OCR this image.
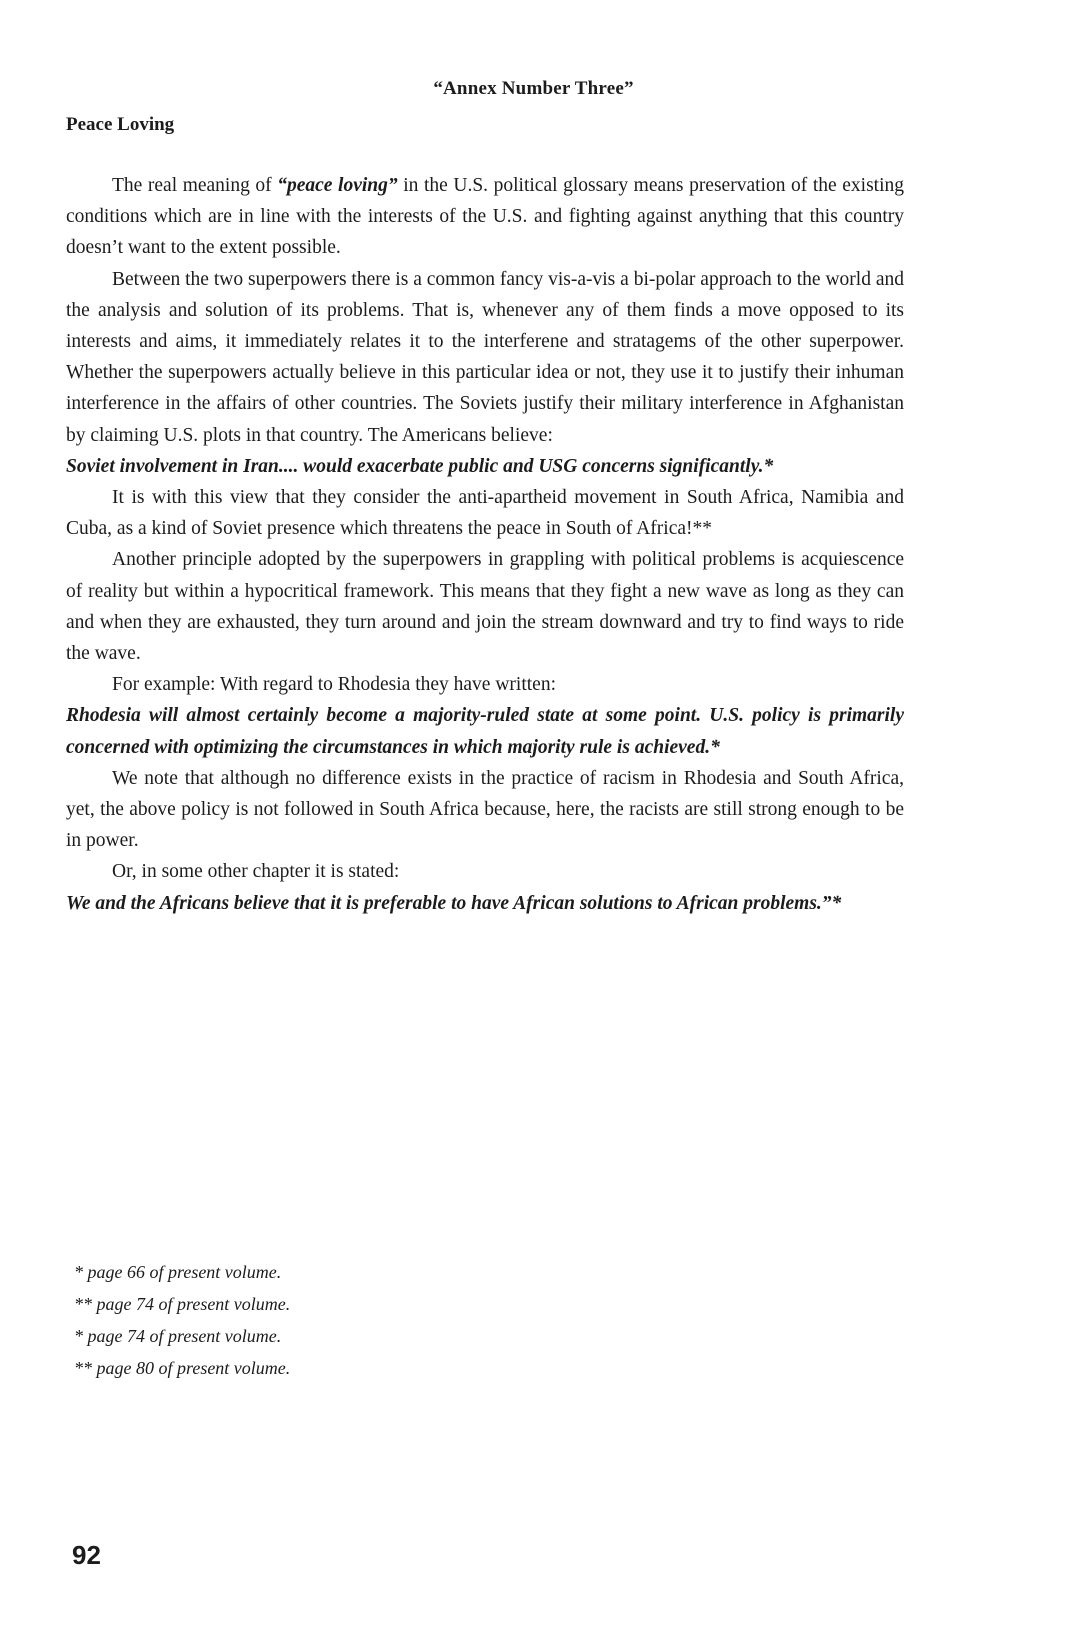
“Annex Number Three”
Peace Loving

The real meaning of “peace loving” in the U.S. political glossary means preservation of the existing conditions which are in line with the interests of the U.S. and fighting against anything that this country doesn’t want to the extent possible.

Between the two superpowers there is a common fancy vis-a-vis a bi-polar approach to the world and the analysis and solution of its problems. That is, whenever any of them finds a move opposed to its interests and aims, it immediately relates it to the interferene and stratagems of the other superpower. Whether the superpowers actually believe in this particular idea or not, they use it to justify their inhuman interference in the affairs of other countries. The Soviets justify their military interference in Afghanistan by claiming U.S. plots in that country. The Americans believe:

Soviet involvement in Iran.... would exacerbate public and USG concerns significantly.*

It is with this view that they consider the anti-apartheid movement in South Africa, Namibia and Cuba, as a kind of Soviet presence which threatens the peace in South of Africa!**

Another principle adopted by the superpowers in grappling with political problems is acquiescence of reality but within a hypocritical framework. This means that they fight a new wave as long as they can and when they are exhausted, they turn around and join the stream downward and try to find ways to ride the wave.

For example: With regard to Rhodesia they have written:

Rhodesia will almost certainly become a majority-ruled state at some point. U.S. policy is primarily concerned with optimizing the circumstances in which majority rule is achieved.*

We note that although no difference exists in the practice of racism in Rhodesia and South Africa, yet, the above policy is not followed in South Africa because, here, the racists are still strong enough to be in power.

Or, in some other chapter it is stated:

We and the Africans believe that it is preferable to have African solutions to African problems.”*

* page 66 of present volume.
** page 74 of present volume.
* page 74 of present volume.
** page 80 of present volume.
92
